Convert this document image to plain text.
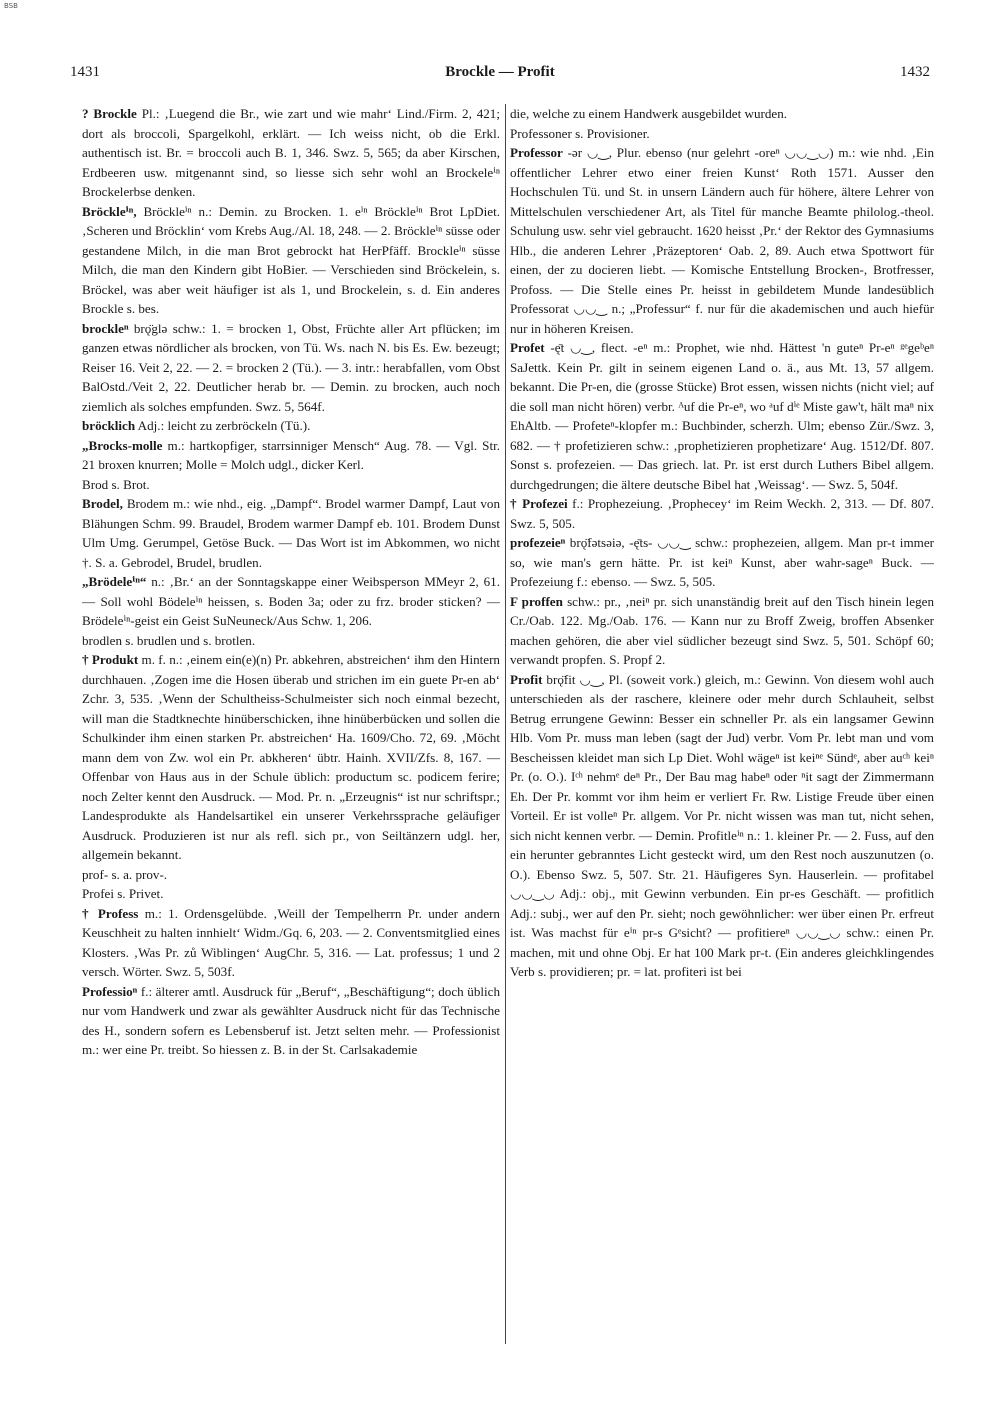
BSB
1431	Brockle — Profit	1432

? Brockle Pl.: ‚Luegend die Br., wie zart und wie mahr‘ Lind./Firm. 2, 421; dort als broccoli, Spargelkohl, erklärt. — Ich weiss nicht, ob die Erkl. authentisch ist. Br. = broccoli auch B. 1, 346. Swz. 5, 565; da aber Kirschen, Erdbeeren usw. mitgenannt sind, so liesse sich sehr wohl an Brockeleⁱⁿ Brockelerbse denken.

Bröckleⁱⁿ, Bröckleⁱⁿ n.: Demin. zu Brocken. 1. eⁱⁿ Bröckleⁱⁿ Brot LpDiet. ‚Scheren und Bröcklin‘ vom Krebs Aug./Al. 18, 248. — 2. Bröckleⁱⁿ süsse oder gestandene Milch, in die man Brot gebrockt hat HerPfäff. Brockleⁱⁿ süsse Milch, die man den Kindern gibt HoBier. — Verschieden sind Bröckelein, s. Bröckel, was aber weit häufiger ist als 1, und Brockelein, s. d. Ein anderes Brockle s. bes.

brockleⁿ brǫ̈glə schw.: 1. = brocken 1, Obst, Früchte aller Art pflücken; im ganzen etwas nördlicher als brocken, von Tü. Ws. nach N. bis Es. Ew. bezeugt; Reiser 16. Veit 2, 22. — 2. = brocken 2 (Tü.). — 3. intr.: herabfallen, vom Obst BalOstd./Veit 2, 22. Deutlicher herab br. — Demin. zu brocken, auch noch ziemlich als solches empfunden. Swz. 5, 564f.

bröcklich Adj.: leicht zu zerbröckeln (Tü.).

„Brocks-molle m.: hartkopfiger, starrsinniger Mensch“ Aug. 78. — Vgl. Str. 21 broxen knurren; Molle = Molch udgl., dicker Kerl.

Brod s. Brot.

Brodel, Brodem m.: wie nhd., eig. „Dampf“. Brodel warmer Dampf, Laut von Blähungen Schm. 99. Braudel, Brodem warmer Dampf eb. 101. Brodem Dunst Ulm Umg. Gerumpel, Getöse Buck. — Das Wort ist im Abkommen, wo nicht †. S. a. Gebrodel, Brudel, brudlen.

„Brödeleⁱⁿ“ n.: ‚Br.‘ an der Sonntagskappe einer Weibsperson MMeyr 2, 61. — Soll wohl Bödeleⁱⁿ heissen, s. Boden 3a; oder zu frz. broder sticken? — Brödeleⁱⁿ-geist ein Geist SuNeuneck/Aus Schw. 1, 206.

brodlen s. brudlen und s. brotlen.

† Produkt m. f. n.: ‚einem ein(e)(n) Pr. abkehren, abstreichen‘ ihm den Hintern durchhauen. ‚Zogen ime die Hosen überab und strichen im ein guete Pr-en ab‘ Zchr. 3, 535. ‚Wenn der Schultheiss-Schulmeister sich noch einmal bezecht, will man die Stadtknechte hinüberschicken, ihne hinüberbücken und sollen die Schulkinder ihm einen starken Pr. abstreichen‘ Ha. 1609/Cho. 72, 69. ‚Möcht mann dem von Zw. wol ein Pr. abkheren‘ übtr. Hainh. XVII/Zfs. 8, 167. — Offenbar von Haus aus in der Schule üblich: productum sc. podicem ferire; noch Zelter kennt den Ausdruck. — Mod. Pr. n. „Erzeugnis“ ist nur schriftspr.; Landesprodukte als Handelsartikel ein unserer Verkehrssprache geläufiger Ausdruck. Produzieren ist nur als refl. sich pr., von Seiltänzern udgl. her, allgemein bekannt.

prof- s. a. prov-.

Profei s. Privet.

† Profess m.: 1. Ordensgelübde. ‚Weill der Tempelherrn Pr. under andern Keuschheit zu halten innhielt‘ Widm./Gq. 6, 203. — 2. Conventsmitglied eines Klosters. ‚Was Pr. zů Wiblingen‘ AugChr. 5, 316. — Lat. professus; 1 und 2 versch. Wörter. Swz. 5, 503f.

Professioⁿ f.: älterer amtl. Ausdruck für „Beruf“, „Beschäftigung“; doch üblich nur vom Handwerk und zwar als gewählter Ausdruck nicht für das Technische des H., sondern sofern es Lebensberuf ist. Jetzt selten mehr. — Professionist m.: wer eine Pr. treibt. So hiessen z. B. in der St. Carlsakademie

die, welche zu einem Handwerk ausgebildet wurden.

Professoner s. Provisioner.

Professor -ər ◡‿, Plur. ebenso (nur gelehrt -oreⁿ ◡◡‿◡) m.: wie nhd. ‚Ein offentlicher Lehrer etwo einer freien Kunst‘ Roth 1571. Ausser den Hochschulen Tü. und St. in unsern Ländern auch für höhere, ältere Lehrer von Mittelschulen verschiedener Art, als Titel für manche Beamte philolog.-theol. Schulung usw. sehr viel gebraucht. 1620 heisst ‚Pr.‘ der Rektor des Gymnasiums Hlb., die anderen Lehrer ‚Präzeptoren‘ Oab. 2, 89. Auch etwa Spottwort für einen, der zu docieren liebt. — Komische Entstellung Brocken-, Brotfresser, Profoss. — Die Stelle eines Pr. heisst in gebildetem Munde landesüblich Professorat ◡◡‿ n.; „Professur“ f. nur für die akademischen und auch hiefür nur in höheren Kreisen.

Profet -ę̄t ◡‿, flect. -eⁿ m.: Prophet, wie nhd. Hättest 'n guteⁿ Pr-eⁿ ᵍᵉgeᵇeⁿ SaJettk. Kein Pr. gilt in seinem eigenen Land o. ä., aus Mt. 13, 57 allgem. bekannt. Die Pr-en, die (grosse Stücke) Brot essen, wissen nichts (nicht viel; auf die soll man nicht hören) verbr. ᴬuf die Pr-eⁿ, wo ᵃuf dⁱᵉ Miste gaw't, hält maⁿ nix EhAltb. — Profeteⁿ-klopfer m.: Buchbinder, scherzh. Ulm; ebenso Zür./Swz. 3, 682. — † profetizieren schw.: ‚prophetizieren prophetizare‘ Aug. 1512/Df. 807. Sonst s. profezeien. — Das griech. lat. Pr. ist erst durch Luthers Bibel allgem. durchgedrungen; die ältere deutsche Bibel hat ‚Weissag‘. — Swz. 5, 504f.

† Profezei f.: Prophezeiung. ‚Prophecey‘ im Reim Weckh. 2, 313. — Df. 807. Swz. 5, 505.

profezeieⁿ brǫ̈fətsəiə, -ę̄ts- ◡◡‿ schw.: prophezeien, allgem. Man pr-t immer so, wie man's gern hätte. Pr. ist keiⁿ Kunst, aber wahr-sageⁿ Buck. — Profezeiung f.: ebenso. — Swz. 5, 505.

F proffen schw.: pr., ‚neiⁿ pr. sich unanständig breit auf den Tisch hinein legen Cr./Oab. 122. Mg./Oab. 176. — Kann nur zu Broff Zweig, broffen Absenker machen gehören, die aber viel südlicher bezeugt sind Swz. 5, 501. Schöpf 60; verwandt propfen. S. Propf 2.

Profit brǫ̈fit ◡‿, Pl. (soweit vork.) gleich, m.: Gewinn. Von diesem wohl auch unterschieden als der raschere, kleinere oder mehr durch Schlauheit, selbst Betrug errungene Gewinn: Besser ein schneller Pr. als ein langsamer Gewinn Hlb. Vom Pr. muss man leben (sagt der Jud) verbr. Vom Pr. lebt man und vom Bescheissen kleidet man sich Lp Diet. Wohl wägeⁿ ist keiⁿᵉ Sündᵉ, aber auᶜʰ keiⁿ Pr. (o. O.). Iᶜʰ nehmᵉ deⁿ Pr., Der Bau mag habeⁿ oder ⁿit sagt der Zimmermann Eh. Der Pr. kommt vor ihm heim er verliert Fr. Rw. Listige Freude über einen Vorteil. Er ist volleⁿ Pr. allgem. Vor Pr. nicht wissen was man tut, nicht sehen, sich nicht kennen verbr. — Demin. Profitleⁱⁿ n.: 1. kleiner Pr. — 2. Fuss, auf den ein herunter gebranntes Licht gesteckt wird, um den Rest noch auszunutzen (o. O.). Ebenso Swz. 5, 507. Str. 21. Häufigeres Syn. Hauserlein. — profitabel ◡◡‿◡ Adj.: obj., mit Gewinn verbunden. Ein pr-es Geschäft. — profitlich Adj.: subj., wer auf den Pr. sieht; noch gewöhnlicher: wer über einen Pr. erfreut ist. Was machst für eⁱⁿ pr-s Gᵉsicht? — profitiereⁿ ◡◡‿◡ schw.: einen Pr. machen, mit und ohne Obj. Er hat 100 Mark pr-t. (Ein anderes gleichklingendes Verb s. providieren; pr. = lat. profiteri ist bei
